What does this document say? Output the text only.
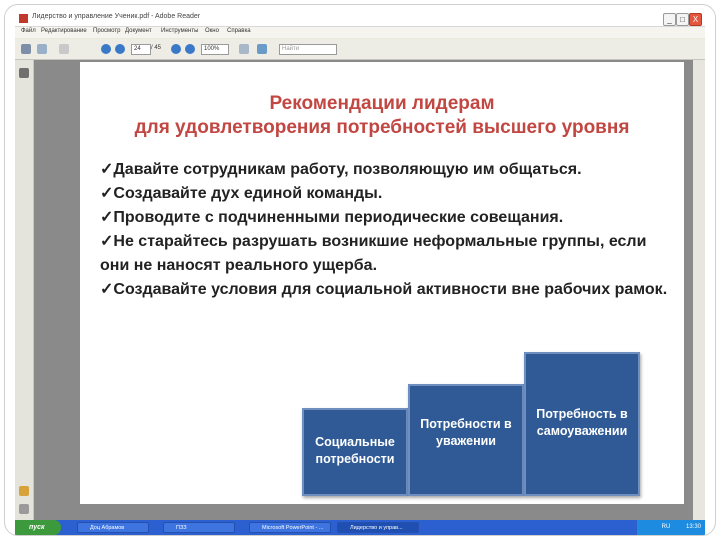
Лидерство и управление Ученик.pdf - Adobe Reader	_	□ X
Файл Редактирование Просмотр Документ Инструменты Окно Справка
24	/ 45	100%	Найти
Рекомендации лидерам
для удовлетворения потребностей высшего уровня

✓Давайте сотрудникам работу, позволяющую им общаться.

✓Создавайте дух единой команды.

✓Проводите с подчиненными периодические совещания.

✓Не старайтесь разрушать возникшие неформальные группы, если они не наносят реального ущерба.

✓Создавайте условия для социальной активности вне рабочих рамок.

Социальные
потребности
Потребности в
уважении
Потребность в
самоуважении
пуск	Доц Абрамов	ПЗЗ	Microsoft PowerPoint - ...	Лидерство и управ...	RU	13:30
